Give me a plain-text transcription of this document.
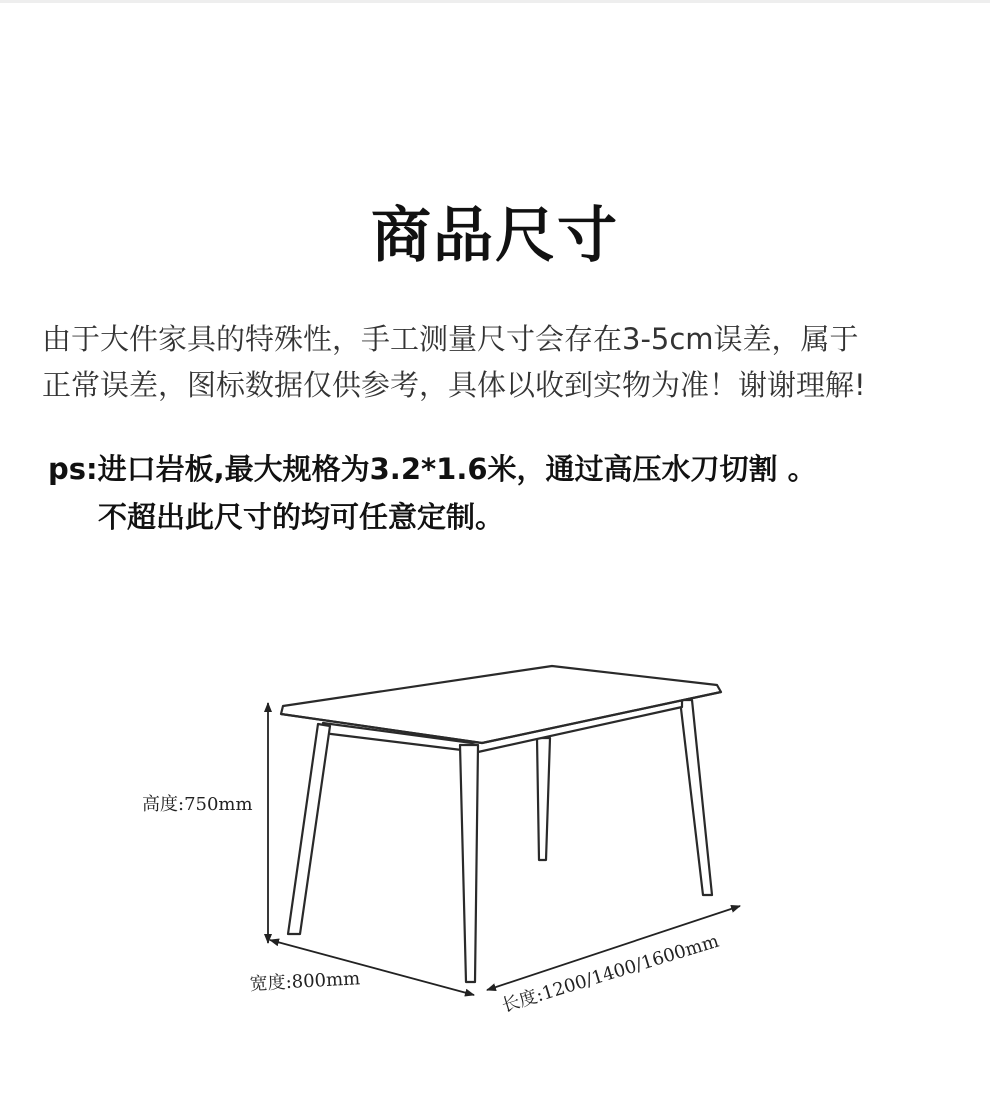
商品尺寸
由于大件家具的特殊性，手工测量尺寸会存在3-5cm误差，属于
正常误差，图标数据仅供参考，具体以收到实物为准！谢谢理解!
ps:进口岩板,最大规格为3.2*1.6米，通过高压水刀切割 。
不超出此尺寸的均可任意定制。
高度:750mm
宽度:800mm	长度:1200/1400/1600mm
